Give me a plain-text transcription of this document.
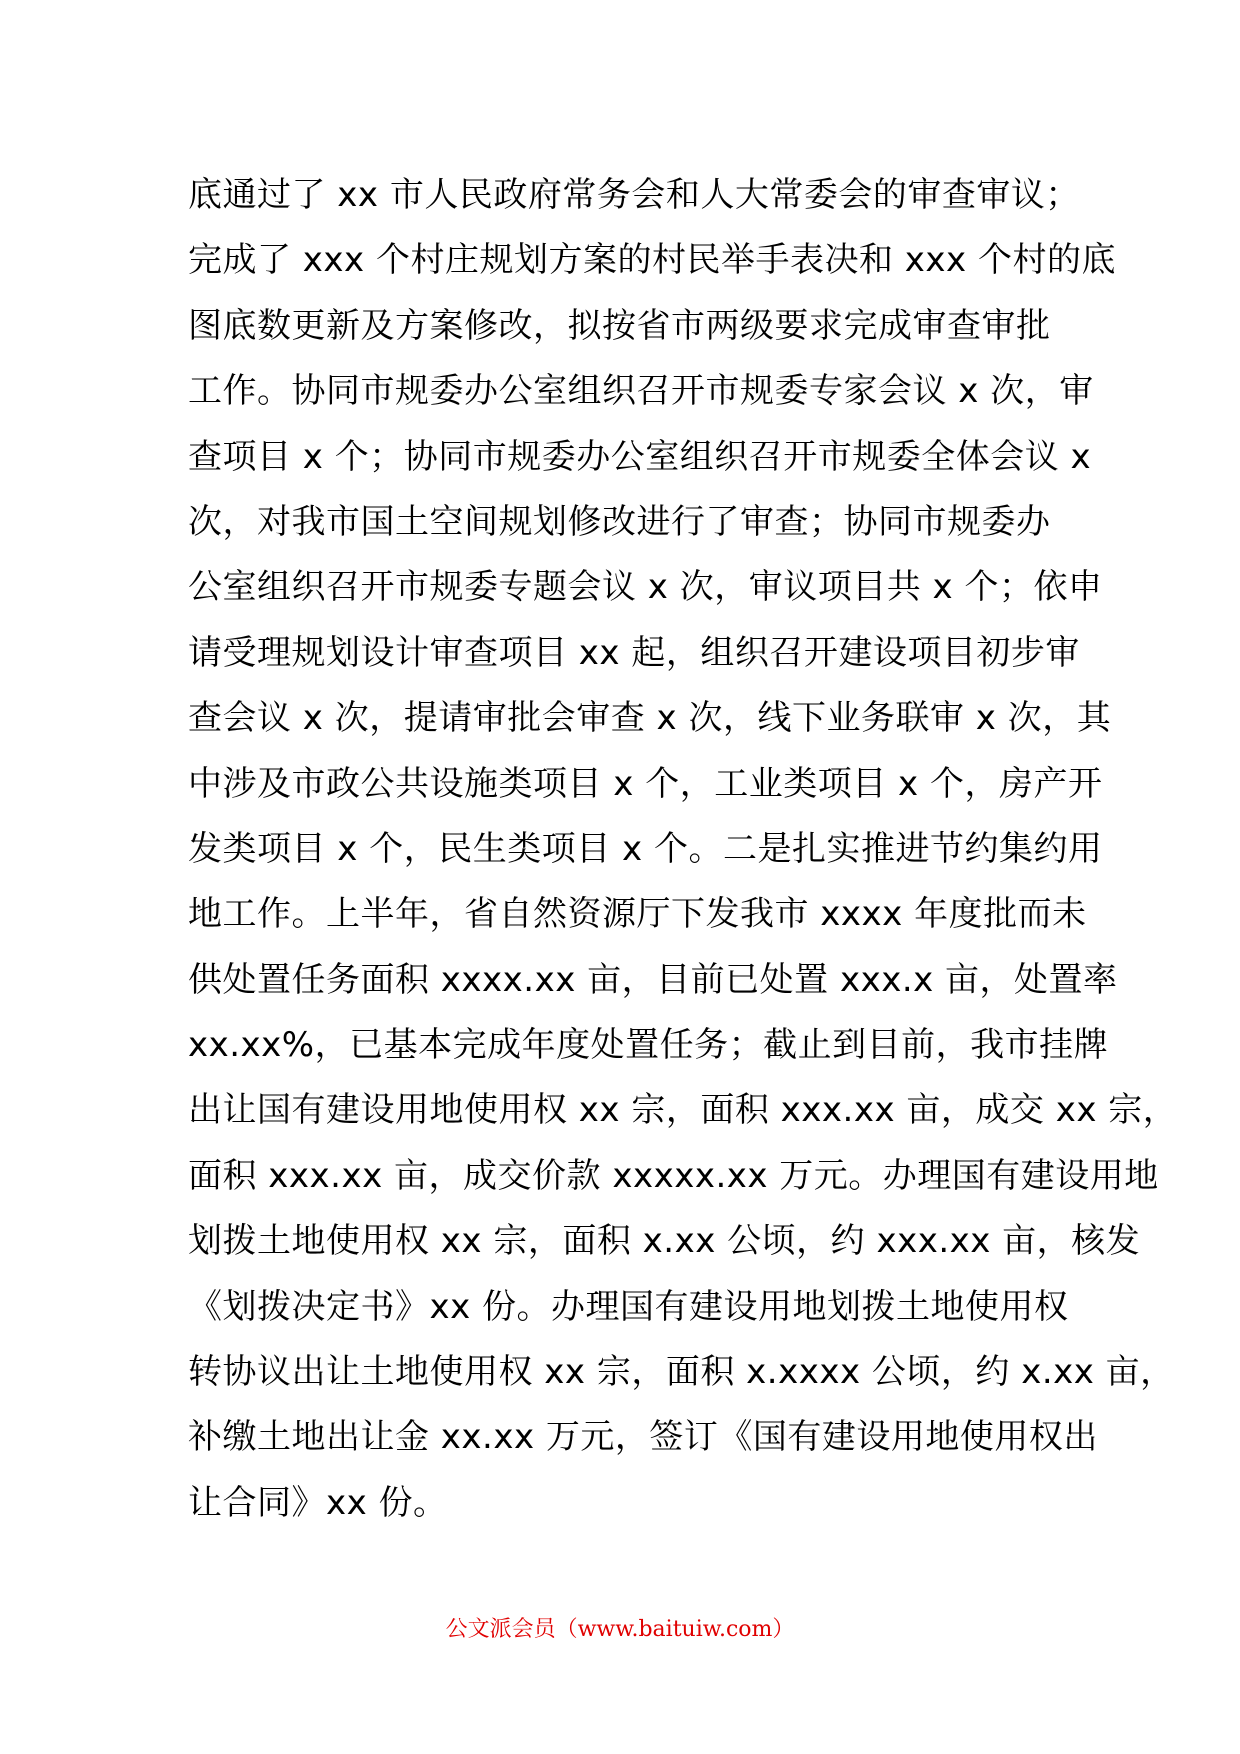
底通过了 xx 市人民政府常务会和人大常委会的审查审议；
完成了 xxx 个村庄规划方案的村民举手表决和 xxx 个村的底
图底数更新及方案修改，拟按省市两级要求完成审查审批
工作。协同市规委办公室组织召开市规委专家会议 x 次，审
查项目 x 个；协同市规委办公室组织召开市规委全体会议 x
次，对我市国土空间规划修改进行了审查；协同市规委办
公室组织召开市规委专题会议 x 次，审议项目共 x 个；依申
请受理规划设计审查项目 xx 起，组织召开建设项目初步审
查会议 x 次，提请审批会审查 x 次，线下业务联审 x 次，其
中涉及市政公共设施类项目 x 个，工业类项目 x 个，房产开
发类项目 x 个，民生类项目 x 个。二是扎实推进节约集约用
地工作。上半年，省自然资源厅下发我市 xxxx 年度批而未
供处置任务面积 xxxx.xx 亩，目前已处置 xxx.x 亩，处置率
xx.xx%，已基本完成年度处置任务；截止到目前，我市挂牌
出让国有建设用地使用权 xx 宗，面积 xxx.xx 亩，成交 xx 宗，
面积 xxx.xx 亩，成交价款 xxxxx.xx 万元。办理国有建设用地
划拨土地使用权 xx 宗，面积 x.xx 公顷，约 xxx.xx 亩，核发
《划拨决定书》xx 份。办理国有建设用地划拨土地使用权
转协议出让土地使用权 xx 宗，面积 x.xxxx 公顷，约 x.xx 亩，
补缴土地出让金 xx.xx 万元，签订《国有建设用地使用权出
让合同》xx 份。
公文派会员（www.baituiw.com）
